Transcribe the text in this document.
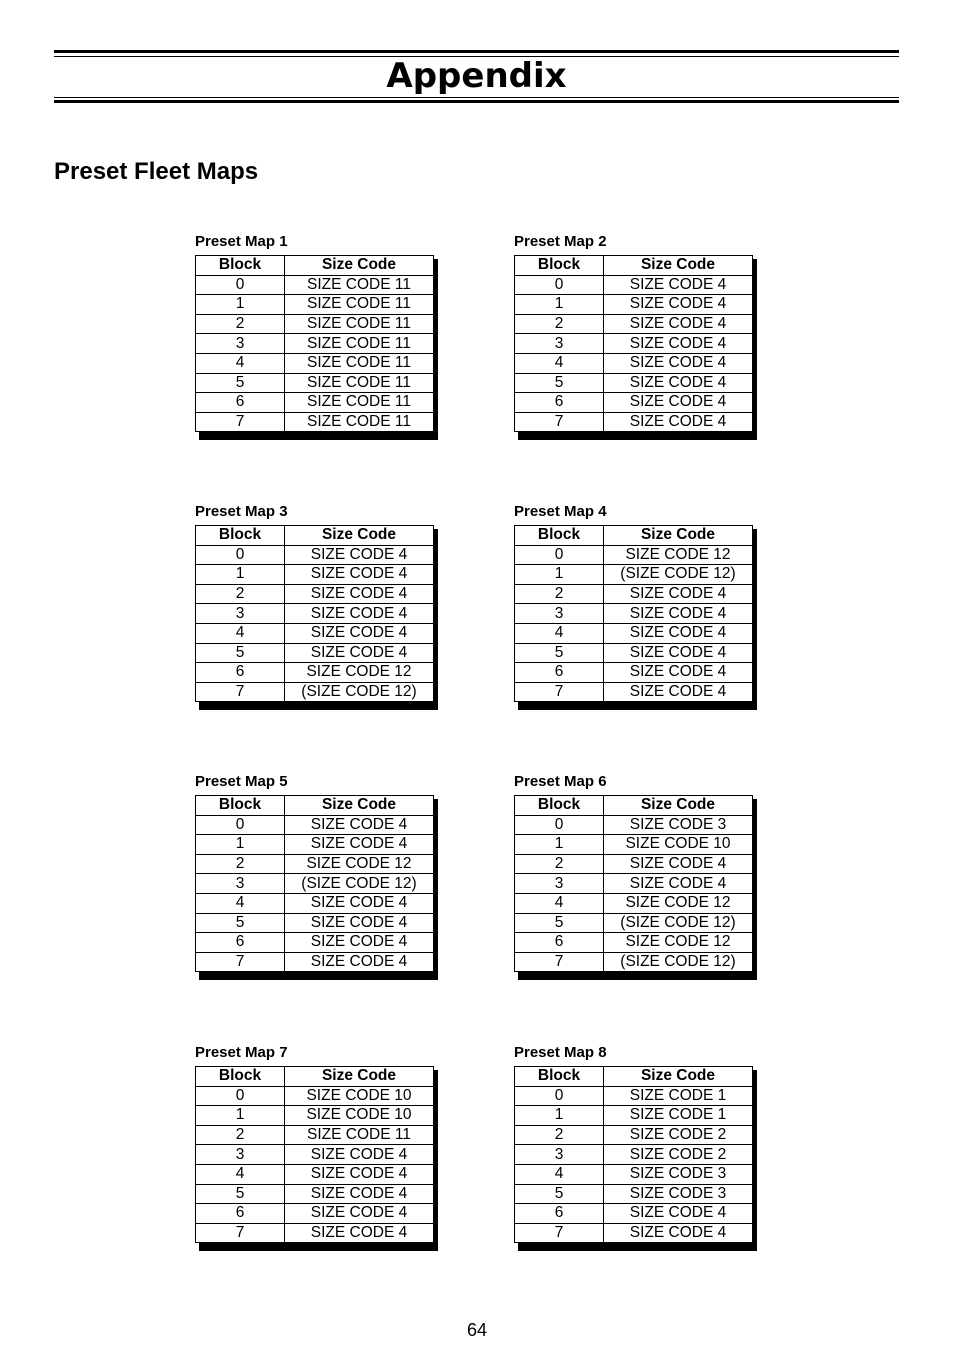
Appendix
Preset Fleet Maps
Preset Map 1
Block	Size Code
0	SIZE CODE 11
1	SIZE CODE 11
2	SIZE CODE 11
3	SIZE CODE 11
4	SIZE CODE 11
5	SIZE CODE 11
6	SIZE CODE 11
7	SIZE CODE 11
Preset Map 2
Block	Size Code
0	SIZE CODE 4
1	SIZE CODE 4
2	SIZE CODE 4
3	SIZE CODE 4
4	SIZE CODE 4
5	SIZE CODE 4
6	SIZE CODE 4
7	SIZE CODE 4
Preset Map 3
Block	Size Code
0	SIZE CODE 4
1	SIZE CODE 4
2	SIZE CODE 4
3	SIZE CODE 4
4	SIZE CODE 4
5	SIZE CODE 4
6	SIZE CODE 12
7	(SIZE CODE 12)
Preset Map 4
Block	Size Code
0	SIZE CODE 12
1	(SIZE CODE 12)
2	SIZE CODE 4
3	SIZE CODE 4
4	SIZE CODE 4
5	SIZE CODE 4
6	SIZE CODE 4
7	SIZE CODE 4
Preset Map 5
Block	Size Code
0	SIZE CODE 4
1	SIZE CODE 4
2	SIZE CODE 12
3	(SIZE CODE 12)
4	SIZE CODE 4
5	SIZE CODE 4
6	SIZE CODE 4
7	SIZE CODE 4
Preset Map 6
Block	Size Code
0	SIZE CODE 3
1	SIZE CODE 10
2	SIZE CODE 4
3	SIZE CODE 4
4	SIZE CODE 12
5	(SIZE CODE 12)
6	SIZE CODE 12
7	(SIZE CODE 12)
Preset Map 7
Block	Size Code
0	SIZE CODE 10
1	SIZE CODE 10
2	SIZE CODE 11
3	SIZE CODE 4
4	SIZE CODE 4
5	SIZE CODE 4
6	SIZE CODE 4
7	SIZE CODE 4
Preset Map 8
Block	Size Code
0	SIZE CODE 1
1	SIZE CODE 1
2	SIZE CODE 2
3	SIZE CODE 2
4	SIZE CODE 3
5	SIZE CODE 3
6	SIZE CODE 4
7	SIZE CODE 4
64
